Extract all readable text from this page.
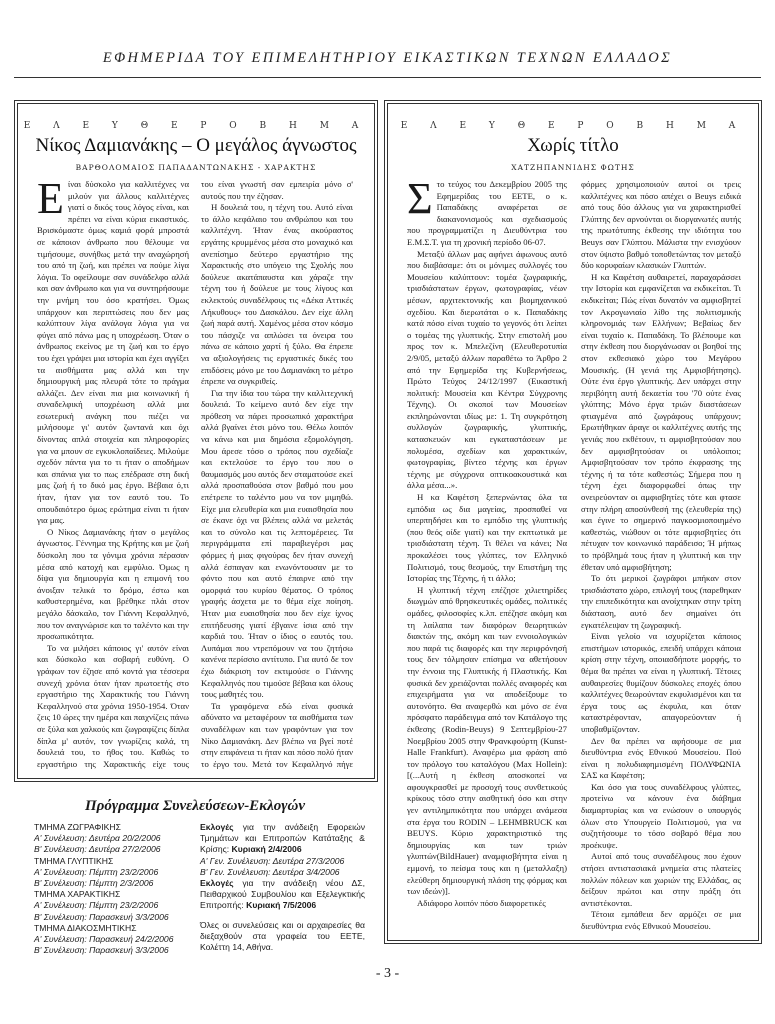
ΕΦΗΜΕΡΙΔΑ ΤΟΥ ΕΠΙΜΕΛΗΤΗΡΙΟΥ ΕΙΚΑΣΤΙΚΩΝ ΤΕΧΝΩΝ ΕΛΛΑΔΟΣ
Ε Λ Ε Υ Θ Ε Ρ Ο Β Η Μ Α
Νίκος Δαμιανάκης – Ο μεγάλος άγνωστος
ΒΑΡΘΟΛΟΜΑΙΟΣ ΠΑΠΑΔΑΝΤΩΝΑΚΗΣ - ΧΑΡΑΚΤΗΣ
Ε ίναι δύσκολο για καλλιτέχνες να μιλούν για άλλους καλλιτέχνες γιατί ο δικός τους λόγος είναι, και πρέπει να είναι κύρια εικαστικός. Βρισκόμαστε όμως καμιά φορά μπροστά σε κάποιον άνθρωπο που θέλουμε να τιμήσουμε, συνήθως μετά την αναχώρησή του από τη ζωή, και πρέπει να πούμε λίγα λόγια. Το οφείλουμε σαν συνάδελφο αλλά και σαν άνθρωπο και για να συντηρήσουμε την μνήμη του όσο κρατήσει. Όμως υπάρχουν και περιπτώσεις που δεν μας καλύπτουν λίγα ανάλογα λόγια για να φύγει από πάνω μας η υποχρέωση. Όταν ο άνθρωπος εκείνος με τη ζωή και το έργο του έχει γράψει μια ιστορία και έχει αγγίξει τα αισθήματα μας αλλά και την δημιουργική μας πλευρά τότε το πράγμα αλλάζει. Δεν είναι πια μια κοινωνική ή συναδελφική υποχρέωση αλλά μια εσωτερική ανάγκη που πιέζει να μιλήσουμε γι' αυτόν ζωντανά και όχι δίνοντας απλά στοιχεία και πληροφορίες για να μπουν σε εγκυκλοπαίδειες. Μιλούμε σχεδόν πάντα για το τι ήταν ο αποδήμων και σπάνια για το πως επέδρασε στη δική μας ζωή ή το δικό μας έργο. Βέβαια ό,τι ήταν, ήταν για τον εαυτό του. Το οπουδαιότερο όμως ερώτημα είναι τι ήταν για μας.

Ο Νίκος Δαμιανάκης ήταν ο μεγάλος άγνωστος. Γέννημα της Κρήτης και με ζωή δύσκολη που τα γόνιμα χρόνια πέρασαν μέσα από κατοχή και εμφύλιο. Όμως η δίψα για δημιουργία και η επιμονή του άνοιξαν τελικά το δρόμο, έστω και καθυστερημένα, και βρέθηκε πλάι στον μεγάλο δάσκαλο, τον Γιάννη Κεφαλληνό, που τον αναγνώρισε και το ταλέντο και την προσωπικότητα.

Το να μιλήσει κάποιος γι' αυτόν είναι και δύσκολο και σοβαρή ευθύνη. Ο γράφων τον έζησε από κοντά για τέσσερα συνεχή χρόνια όταν ήταν πρωτοετής στο εργαστήριο της Χαρακτικής του Γιάννη Κεφαλληνού στα χρόνια 1950-1954. Όταν ζεις 10 ώρες την ημέρα και παιχνίζεις πάνω σε ξύλα και χαλκούς και ζωγραφίζεις δίπλα δίπλα μ' αυτόν, τον γνωρίζεις καλά, τη δουλειά του, το ήθος του. Καθώς το εργαστήριο της Χαρακτικής είχε τους

του είναι γνωστή σαν εμπειρία μόνο σ' αυτούς που την έζησαν.

Η δουλειά του, η τέχνη του. Αυτό είναι το άλλο κεφάλαιο του ανθρώπου και του καλλιτέχνη. Ήταν ένας ακούραστος εργάτης κρυμμένος μέσα στο μοναχικό και ανεπίσημο δεύτερο εργαστήριο της Χαρακτικής στο υπόγειο της Σχολής που δούλευε ακατάπαυστα και χάραζε την τέχνη του ή δούλευε με τους λίγους και εκλεκτούς συναδέλφους τις «Δέκα Αττικές Λήκυθους» του Δασκάλου. Δεν είχε άλλη ζωή παρά αυτή. Χαμένος μέσα στον κόσμο του πάσχιζε να απλώσει τα όνειρα του πάνω σε κάποιο χαρτί ή ξύλο. Θα έπρεπε να αξιολογήσεις τις εργαστικές δικές του επιδόσεις μόνο με του Δαμιανάκη το μέτρο έπρεπε να συγκριθείς.

Για την ίδια του τώρα την καλλιτεχνική δουλειά. Το κείμενο αυτό δεν είχε την πρόθεση να πάρει προσωπικό χαρακτήρα αλλά βγαίνει έτσι μόνο του. Θέλω λοιπόν να κάνω και μια δημόσια εξομολόγηση. Μου άρεσε τόσο ο τρόπος που σχεδίαζε και εκτελούσε το έργο του που ο θαυμασμός μου αυτός δεν σταματούσε εκεί αλλά προσπαθούσα στον βαθμό που μου επέτρεπε το ταλέντο μου να τον μιμηθώ. Είχε μια ελευθερία και μια ευαισθησία που σε έκανε όχι να βλέπεις αλλά να μελετάς και το σύνολο και τις λεπτομέρειες. Τα περιγράμματα επί παραβιεγέρσι μας φόρμες ή μιας φιγούρας δεν ήταν συνεχή αλλά έσπαγαν και ενωνόντουσαν με το φόντο που και αυτό έπαιρνε από την ομορφιά του κυρίου θέματος. Ο τρόπος γραφής άσχετα με το θέμα είχε ποίηση. Ήταν μια ευαισθησία που δεν είχε ίχνος επιτήδευσης γιατί έβγαινε ίσια από την καρδιά του. Ήταν ο ίδιος ο εαυτός του. Λυπάμαι που ντρεπόμουν να του ζητήσω κανένα περίσσιο αντίτυπο. Για αυτό δε τον έχω διάκριση τον εκτιμούσε ο Γιάννης Κεφαλληνός που τιμούσε βέβαια και όλους τους μαθητές του.

Τα γραφόμενα εδώ είναι φυσικά αδύνατο να μεταφέρουν τα αισθήματα των συναδέλφων και των γραφόντων για τον Νίκο Δαμιανάκη. Δεν βλέπω να βγεί ποτέ στην επιφάνεια τι ήταν και πόσο πολύ ήταν το έργο του. Μετά τον Κεφαλληνό πήγε

Πρόγραμμα Συνελεύσεων-Εκλογών
ΤΜΗΜΑ ΖΩΓΡΑΦΙΚΗΣ
Α' Συνέλευση: Δευτέρα 20/2/2006
Β' Συνέλευση: Δευτέρα 27/2/2006
ΤΜΗΜΑ ΓΛΥΠΤΙΚΗΣ
Α' Συνέλευση: Πέμπτη 23/2/2006
Β' Συνέλευση: Πέμπτη 2/3/2006
ΤΜΗΜΑ ΧΑΡΑΚΤΙΚΗΣ
Α' Συνέλευση: Πέμπτη 23/2/2006
Β' Συνέλευση: Παρασκευή 3/3/2006
ΤΜΗΜΑ ΔΙΑΚΟΣΜΗΤΙΚΗΣ
Α' Συνέλευση: Παρασκευή 24/2/2006
Β' Συνέλευση: Παρασκευή 3/3/2006
Εκλογές για την ανάδειξη Εφορειών Τμημάτων και Επιτροπών Κατάταξης & Κρίσης: Κυριακή 2/4/2006
Α' Γεν. Συνέλευση: Δευτέρα 27/3/2006
Β' Γεν. Συνέλευση: Δευτέρα 3/4/2006
Εκλογές για την ανάδειξη νέου ΔΣ, Πειθαρχικού Συμβουλίου και Εξελεγκτικής Επιτροπής: Κυριακή 7/5/2006
Όλες οι συνελεύσεις και οι αρχαιρεσίες θα διεξαχθούν στα γραφεία του ΕΕΤΕ, Κολέττη 14, Αθήνα.
Ε Λ Ε Υ Θ Ε Ρ Ο Β Η Μ Α
Χωρίς τίτλο
ΧΑΤΖΗΠΑΝΝΙΔΗΣ ΦΩΤΗΣ
Σ το τεύχος του Δεκεμβρίου 2005 της Εφημερίδας του ΕΕΤΕ, ο κ. Παπαδάκης αναφέρεται σε διακανονισμούς και σχεδιασμούς που προγραμματίζει η Διευθύντρια του Ε.Μ.Σ.Τ. για τη χρονική περίοδο 06-07.

Μεταξύ άλλων μας αφήνει άφωνους αυτό που διαβάσαμε: ότι οι μόνιμες συλλογές του Μουσείου καλύπτουν: τομέα ζωγραφικής, τρισδιάστατων έργων, φωτογραφίας, νέων μέσων, αρχιτεκτονικής και βιομηχανικού σχεδίου. Και διερωτάται ο κ. Παπαδάκης κατά πόσο είναι τυχαίο το γεγονός ότι λείπει ο τομέας της γλυπτικής. Στην επιστολή μου προς τον κ. Μπελεζίνη (Ελευθεροτυπία 2/9/05, μεταξύ άλλων παραθέτω το Άρθρο 2 από την Εφημερίδα της Κυβερνήσεως, Πρώτο Τεύχος 24/12/1997 (Εικαστική πολιτική: Μουσεία και Κέντρα Σύγχρονης Τέχνης). Οι σκοποί των Μουσείων εκπληρώνονται ιδίως με: 1. Τη συγκρότηση συλλογών ζωγραφικής, γλυπτικής, κατασκευών και εγκαταστάσεων με πολυμέσα, σχεδίων και χαρακτικών, φωτογραφίας, βίντεο τέχνης και έργων τέχνης με σύγχρονα οπτικοακουστικά και άλλα μέσα...».

Η κα Καφέτση ξεπερνώντας όλα τα εμπόδια ως δια μαγείας, προσπαθεί να υπερπηδήσει και το εμπόδιο της γλυπτικής (που θεός οίδε γιατί) και την εκπτωτικά με τρισδιάστατη τέχνη. Τι θέλει να κάνει; Να προκαλέσει τους γλύπτες, τον Ελληνικό Πολιτισμό, τους θεσμούς, την Επιστήμη της Ιστορίας της Τέχνης, ή τι άλλο;

Η γλυπτική τέχνη επέζησε χιλιετηρίδες διωγμών από θρησκευτικές ομάδες, πολιτικές ομάδες, φιλοσοφίες κ.λπ. επέζησε ακόμη και τη λαίλαπα των διαφόρων θεωρητικών διακτών της, ακόμη και των εννοιολογικών που παρά τις διαφορές και την περιφρόνησή τους δεν τόλμησαν επίσημα να αθετήσουν την έννοια της Γλυπτικής ή Πλαστικής. Και φυσικά δεν χρειάζονται πολλές αναφορές και επιχειρήματα για να αποδείξουμε το αυτονόητο. Θα αναφερθώ και μόνο σε ένα πρόσφατο παράδειγμα από τον Κατάλογο της έκθεσης (Rodin-Beuys) 9 Σεπτεμβρίου-27 Νοεμβρίου 2005 στην Φρανκφούρτη (Kunst-Halle Frankfurt). Αναφέρω μια φράση από τον πρόλογο του καταλόγου (Max Hollein): [(...Αυτή η έκθεση αποσκοπεί να αφουγκρασθεί με προσοχή τους συνθετικούς κρίκους τόσο στην αισθητική όσο και στην γεν αντιλημπικότητα που υπάρχει ανάμεσα στα έργα του RODIN – LEHMBRUCK και BEUYS. Κύριο χαρακτηριστικό της δημιουργίας και των τριών γλυπτών(BildHauer) αναμφισβήτητα είναι η εμμονή, το πείσμα τους και η (μεταλλαξη) ελεύθερη δημιουργική πλάση της φόρμας και των ιδεών)].

Αδιάφορο λοιπόν πόσο διαφορετικές

φόρμες χρησιμοποιούν αυτοί οι τρεις καλλιτέχνες και πόσο απέχει ο Beuys ειδικά από τους δύο άλλους για να χαρακτηρισθεί Γλύπτης δεν αρνούνται οι διοργανωτές αυτής της πρωτότυπης έκθεσης την ιδιότητα του Beuys σαν Γλύπτου. Μάλιστα την ενισχύουν στον ύψιστο βαθμό τοποθετώντας τον μεταξύ δύο κορυφαίων κλασικών Γλυπτών.

Η κα Καφέτση αυθαιρετεί, παραχαράσσει την Ιστορία και εμφανίζεται να εκδικείται. Τι εκδικείται; Πώς είναι δυνατόν να αμφισβητεί τον Ακρογωνιαίο λίθο της πολιτισμικής κληρονομιάς των Ελλήνων; Βεβαίως δεν είναι τυχαίο κ. Παπαδάκη. Το βλέπουμε και στην έκθεση που διοργάνωσαν οι βοηθοί της στον εκθεσιακό χώρο του Μεγάρου Μουσικής. (Η γενιά της Αμφισβήτησης). Ούτε ένα έργο γλυπτικής. Δεν υπάρχει στην περιβόητη αυτή δεκαετία του '70 ούτε ένας γλύπτης; Μόνο έργα τριών διαστάσεων φτιαγμένα από ζωγράφους υπάρχουν; Ερωτήθηκαν άραγε οι καλλιτέχνες αυτής της γενιάς που εκθέτουν, τι αμφισβητούσαν που δεν αμφισβητούσαν οι υπόλοιποι; Αμφισβητούσαν τον τρόπο έκφρασης της τέχνης ή τα τότε καθεστώς; Σήμερα που η τέχνη έχει διαφορφωθεί όπως την ονειρεύονταν οι αμφισβητίες τότε και φτασε στην πλήρη αποσύνθεσή της (ελευθερία της) και έγινε το σημερινό παγκοσμιοποιημένο καθεστώς, νιώθουν οι τότε αμφισβητίες ότι πέτυχαν τον κοινωνικό παράδεισο; Ή μήπως το πρόβλημά τους ήταν η γλυπτική και την έθεταν υπό αμφισβήτηση;

Το ότι μερικοί ζωγράφοι μπήκαν στον τρισδιάστατο χώρο, επιλογή τους (παρεθηκαν την επιπεδικότητα και ανοίχτηκαν στην τρίτη διάσταση, αυτό δεν σημαίνει ότι εγκατέλειψαν τη ζωγραφική.

Είναι γελοίο να ισχυρίζεται κάποιος επιστήμων ιστορικός, επειδή υπάρχει κάποια κρίση στην τέχνη, οποιασδήποτε μορφής, το θέμα θα πρέπει να είναι η γλυπτική. Τέτοιες αυθαιρεσίες θυμίζουν δύσκολες εποχές όπου καλλιτέχνες θεωρούνταν εκφυλισμένοι και τα έργα τους ως έκφυλα, και όταν καταστρέφονταν, απαγορεύονταν ή υποβαθμίζονταν.

Δεν θα πρέπει να αφήσουμε σε μια διευθύντρια ενός Εθνικού Μουσείου. Πού είναι η πολυδιαφημισμένη ΠΟΛΥΦΩΝΙΑ ΣΑΣ κα Καφέτση;

Και όσο για τους συναδέλφους γλύπτες, προτείνω να κάνουν ένα διάβημα διαμαρτυρίας και να ενώσουν ο υπουργός όλων στο Υπουργείο Πολιτισμού, για να συζητήσουμε το τόσο σοβαρό θέμα που προέκυψε.

Αυτοί από τους συναδέλφους που έχουν στήσει αντιστασιακά μνημεία στις πλατείες πολλών πόλεων και χωριών της Ελλάδας, ας δείξουν πρώτοι και στην πράξη ότι αντιστέκονται.

Τέτοια εμπάθεια δεν αρμόζει σε μια διευθύντρια ενός Εθνικού Μουσείου.

- 3 -
